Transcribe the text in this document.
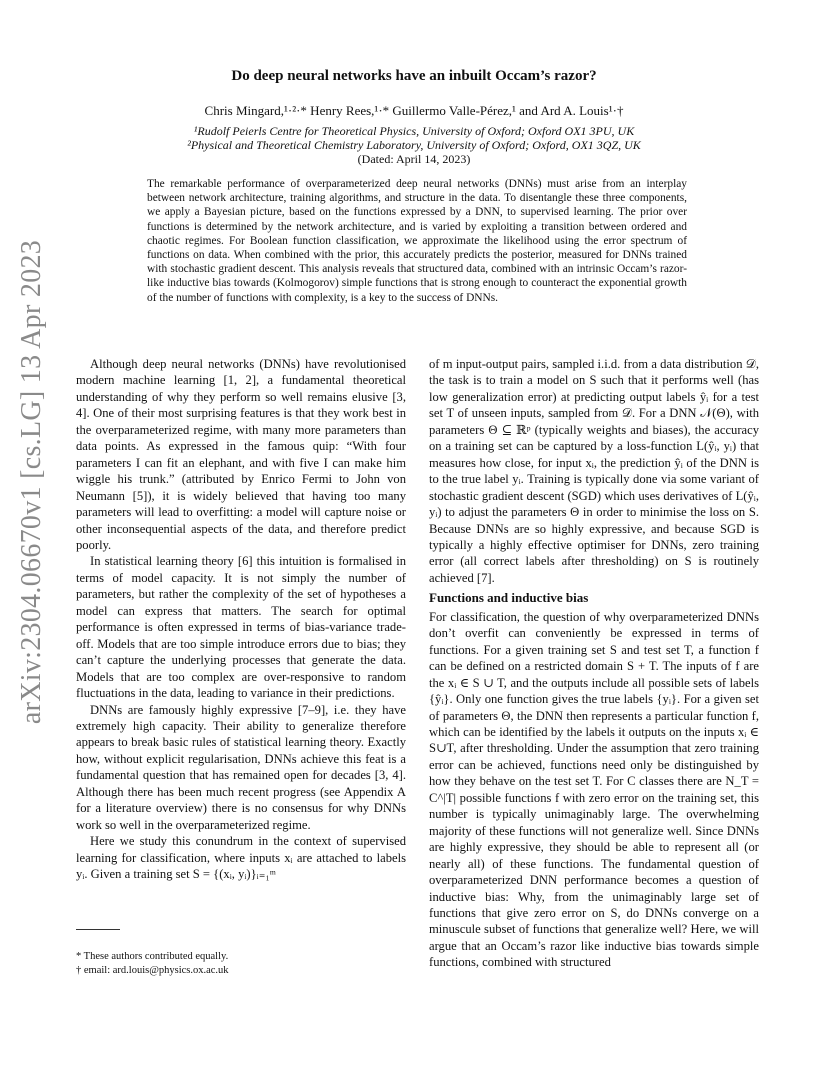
arXiv:2304.06670v1 [cs.LG] 13 Apr 2023
Do deep neural networks have an inbuilt Occam’s razor?
Chris Mingard,¹·²·* Henry Rees,¹·* Guillermo Valle-Pérez,¹ and Ard A. Louis¹·†
¹Rudolf Peierls Centre for Theoretical Physics, University of Oxford; Oxford OX1 3PU, UK
²Physical and Theoretical Chemistry Laboratory, University of Oxford; Oxford, OX1 3QZ, UK
(Dated: April 14, 2023)
The remarkable performance of overparameterized deep neural networks (DNNs) must arise from an interplay between network architecture, training algorithms, and structure in the data. To disentangle these three components, we apply a Bayesian picture, based on the functions expressed by a DNN, to supervised learning. The prior over functions is determined by the network architecture, and is varied by exploiting a transition between ordered and chaotic regimes. For Boolean function classification, we approximate the likelihood using the error spectrum of functions on data. When combined with the prior, this accurately predicts the posterior, measured for DNNs trained with stochastic gradient descent. This analysis reveals that structured data, combined with an intrinsic Occam’s razor-like inductive bias towards (Kolmogorov) simple functions that is strong enough to counteract the exponential growth of the number of functions with complexity, is a key to the success of DNNs.

Although deep neural networks (DNNs) have revolutionised modern machine learning [1, 2], a fundamental theoretical understanding of why they perform so well remains elusive [3, 4]. One of their most surprising features is that they work best in the overparameterized regime, with many more parameters than data points. As expressed in the famous quip: “With four parameters I can fit an elephant, and with five I can make him wiggle his trunk.” (attributed by Enrico Fermi to John von Neumann [5]), it is widely believed that having too many parameters will lead to overfitting: a model will capture noise or other inconsequential aspects of the data, and therefore predict poorly.

In statistical learning theory [6] this intuition is formalised in terms of model capacity. It is not simply the number of parameters, but rather the complexity of the set of hypotheses a model can express that matters. The search for optimal performance is often expressed in terms of bias-variance trade-off. Models that are too simple introduce errors due to bias; they can’t capture the underlying processes that generate the data. Models that are too complex are over-responsive to random fluctuations in the data, leading to variance in their predictions.

DNNs are famously highly expressive [7–9], i.e. they have extremely high capacity. Their ability to generalize therefore appears to break basic rules of statistical learning theory. Exactly how, without explicit regularisation, DNNs achieve this feat is a fundamental question that has remained open for decades [3, 4]. Although there has been much recent progress (see Appendix A for a literature overview) there is no consensus for why DNNs work so well in the overparameterized regime.

Here we study this conundrum in the context of supervised learning for classification, where inputs xᵢ are attached to labels yᵢ. Given a training set S = {(xᵢ, yᵢ)}ᵢ₌₁ᵐ

of m input-output pairs, sampled i.i.d. from a data distribution 𝒟, the task is to train a model on S such that it performs well (has low generalization error) at predicting output labels ŷᵢ for a test set T of unseen inputs, sampled from 𝒟. For a DNN 𝒩(Θ), with parameters Θ ⊆ ℝᵖ (typically weights and biases), the accuracy on a training set can be captured by a loss-function L(ŷᵢ, yᵢ) that measures how close, for input xᵢ, the prediction ŷᵢ of the DNN is to the true label yᵢ. Training is typically done via some variant of stochastic gradient descent (SGD) which uses derivatives of L(ŷᵢ, yᵢ) to adjust the parameters Θ in order to minimise the loss on S. Because DNNs are so highly expressive, and because SGD is typically a highly effective optimiser for DNNs, zero training error (all correct labels after thresholding) on S is routinely achieved [7].

Functions and inductive bias

For classification, the question of why overparameterized DNNs don’t overfit can conveniently be expressed in terms of functions. For a given training set S and test set T, a function f can be defined on a restricted domain S + T. The inputs of f are the xᵢ ∈ S ∪ T, and the outputs include all possible sets of labels {ŷᵢ}. Only one function gives the true labels {yᵢ}. For a given set of parameters Θ, the DNN then represents a particular function f, which can be identified by the labels it outputs on the inputs xᵢ ∈ S∪T, after thresholding. Under the assumption that zero training error can be achieved, functions need only be distinguished by how they behave on the test set T. For C classes there are N_T = C^|T| possible functions f with zero error on the training set, this number is typically unimaginably large. The overwhelming majority of these functions will not generalize well. Since DNNs are highly expressive, they should be able to represent all (or nearly all) of these functions. The fundamental question of overparameterized DNN performance becomes a question of inductive bias: Why, from the unimaginably large set of functions that give zero error on S, do DNNs converge on a minuscule subset of functions that generalize well? Here, we will argue that an Occam’s razor like inductive bias towards simple functions, combined with structured

* These authors contributed equally.
† email: ard.louis@physics.ox.ac.uk
